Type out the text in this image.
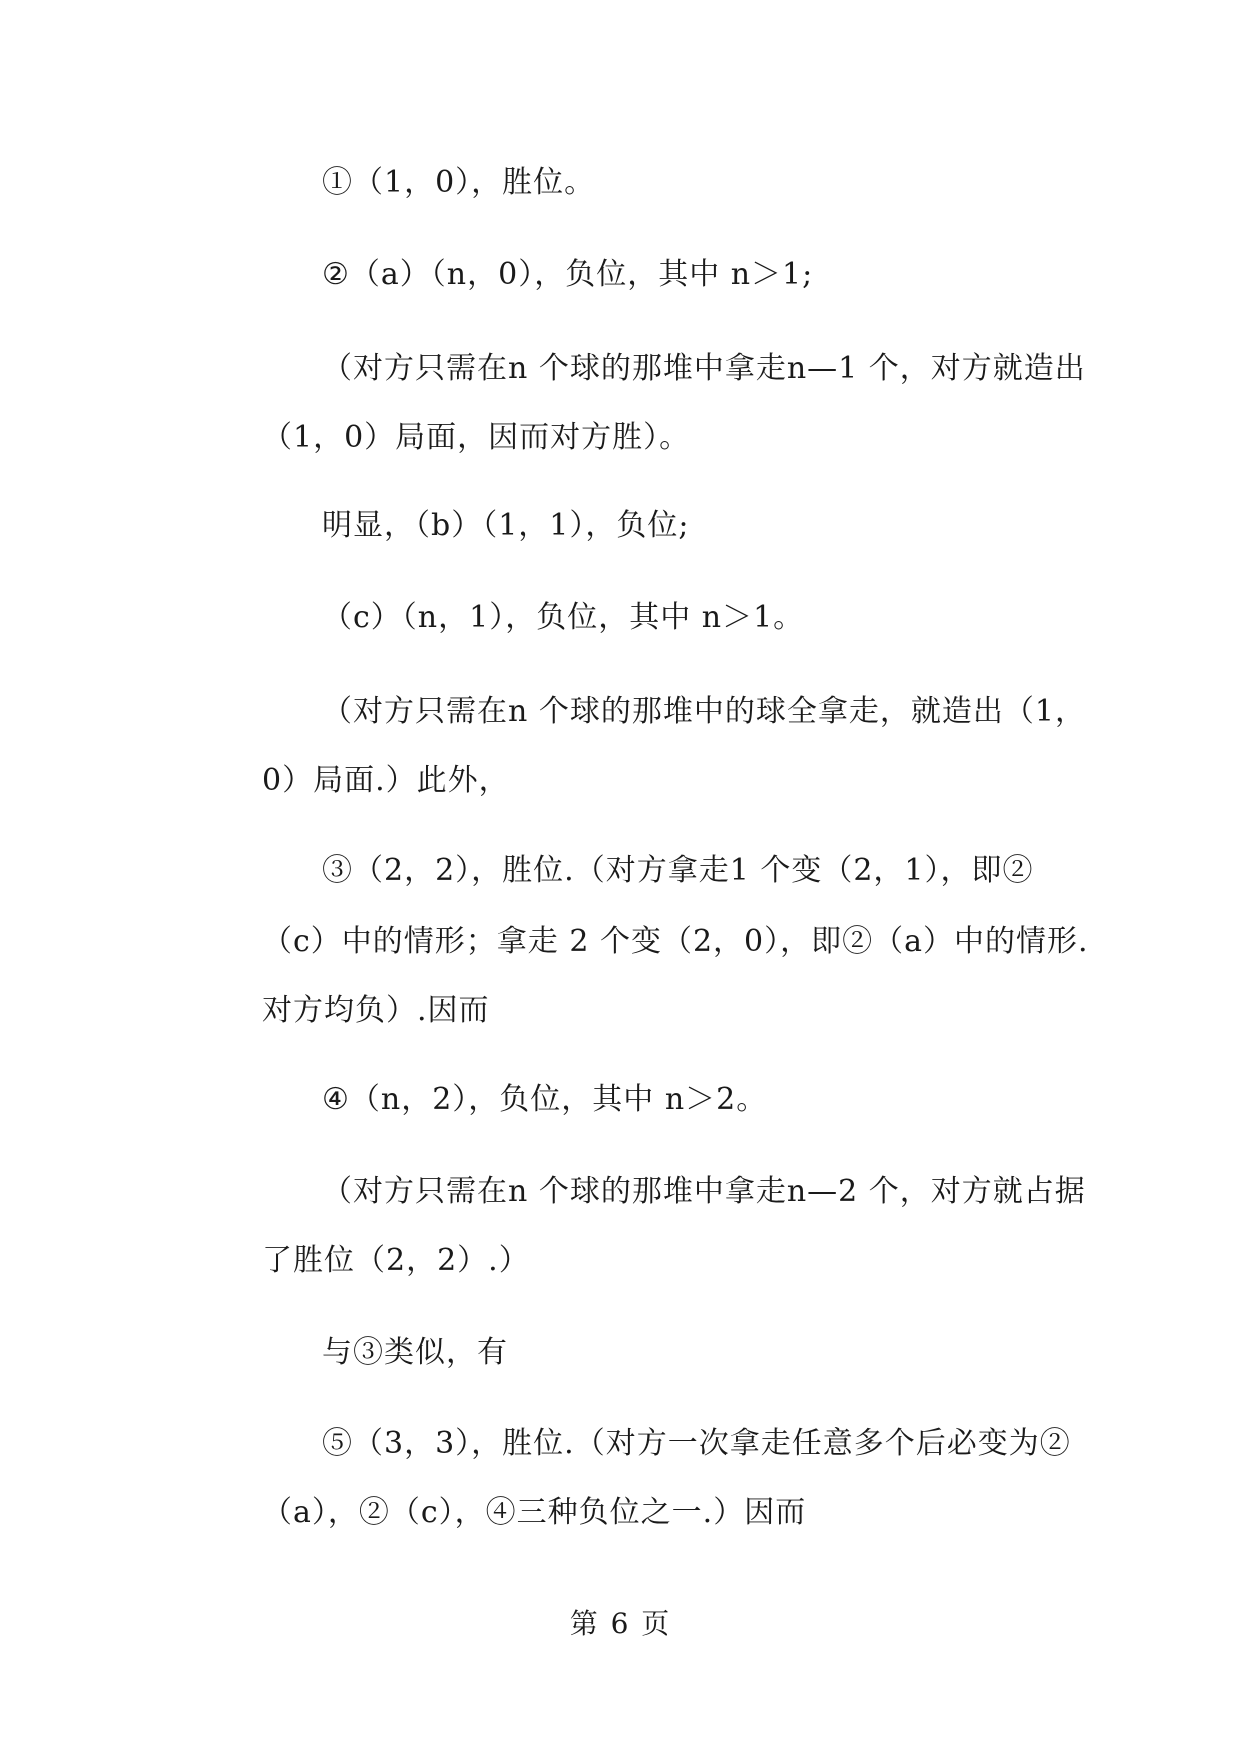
①（1，0），胜位。
②（a）（n，0），负位，其中 n＞1;
（对方只需在n 个球的那堆中拿走n—1 个，对方就造出
（1，0）局面，因而对方胜）。
明显，（b）（1，1），负位;
（c）（n，1），负位，其中 n＞1。
（对方只需在n 个球的那堆中的球全拿走，就造出（1，
0）局面.）此外，
③（2，2），胜位.（对方拿走1 个变（2，1），即②
（c）中的情形；拿走 2 个变（2，0），即②（a）中的情形.
对方均负）.因而
④（n，2），负位，其中 n＞2。
（对方只需在n 个球的那堆中拿走n—2 个，对方就占据
了胜位（2，2）.）
与③类似，有
⑤（3，3），胜位.（对方一次拿走任意多个后必变为②
（a），②（c），④三种负位之一.）因而
第 6 页
